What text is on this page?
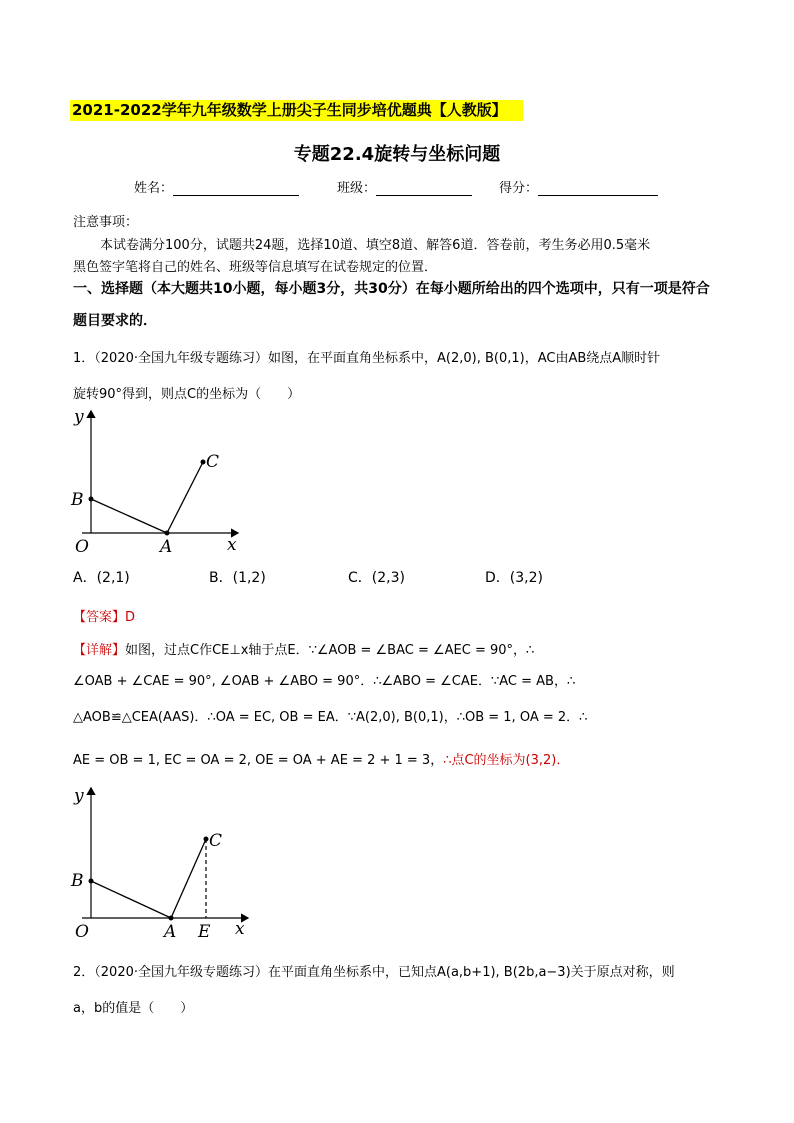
2021-2022学年九年级数学上册尖子生同步培优题典【人教版】
专题22.4旋转与坐标问题
姓名：	班级：	得分：
注意事项：
本试卷满分100分，试题共24题，选择10道、填空8道、解答6道．答卷前，考生务必用0.5毫米
黑色签字笔将自己的姓名、班级等信息填写在试卷规定的位置．
一、选择题（本大题共10小题，每小题3分，共30分）在每小题所给出的四个选项中，只有一项是符合
题目要求的．
1．（2020·全国九年级专题练习）如图，在平面直角坐标系中，A(2,0), B(0,1)，AC由AB绕点A顺时针
旋转90°得到，则点C的坐标为（　　）
y
x
O	A
B
C
A．(2,1)	B．(1,2)	C．(2,3)	D．(3,2)
【答案】D
【详解】如图，过点C作CE⊥x轴于点E．∵∠AOB = ∠BAC = ∠AEC = 90°，∴
∠OAB + ∠CAE = 90°, ∠OAB + ∠ABO = 90°．∴∠ABO = ∠CAE．∵AC = AB，∴
△AOB≌△CEA(AAS)．∴OA = EC, OB = EA．∵A(2,0), B(0,1)，∴OB = 1, OA = 2．∴
AE = OB = 1, EC = OA = 2, OE = OA + AE = 2 + 1 = 3，∴点C的坐标为(3,2)．
y
x
O	A E
B
C
2．（2020·全国九年级专题练习）在平面直角坐标系中，已知点A(a,b+1), B(2b,a−3)关于原点对称，则
a，b的值是（　　）
